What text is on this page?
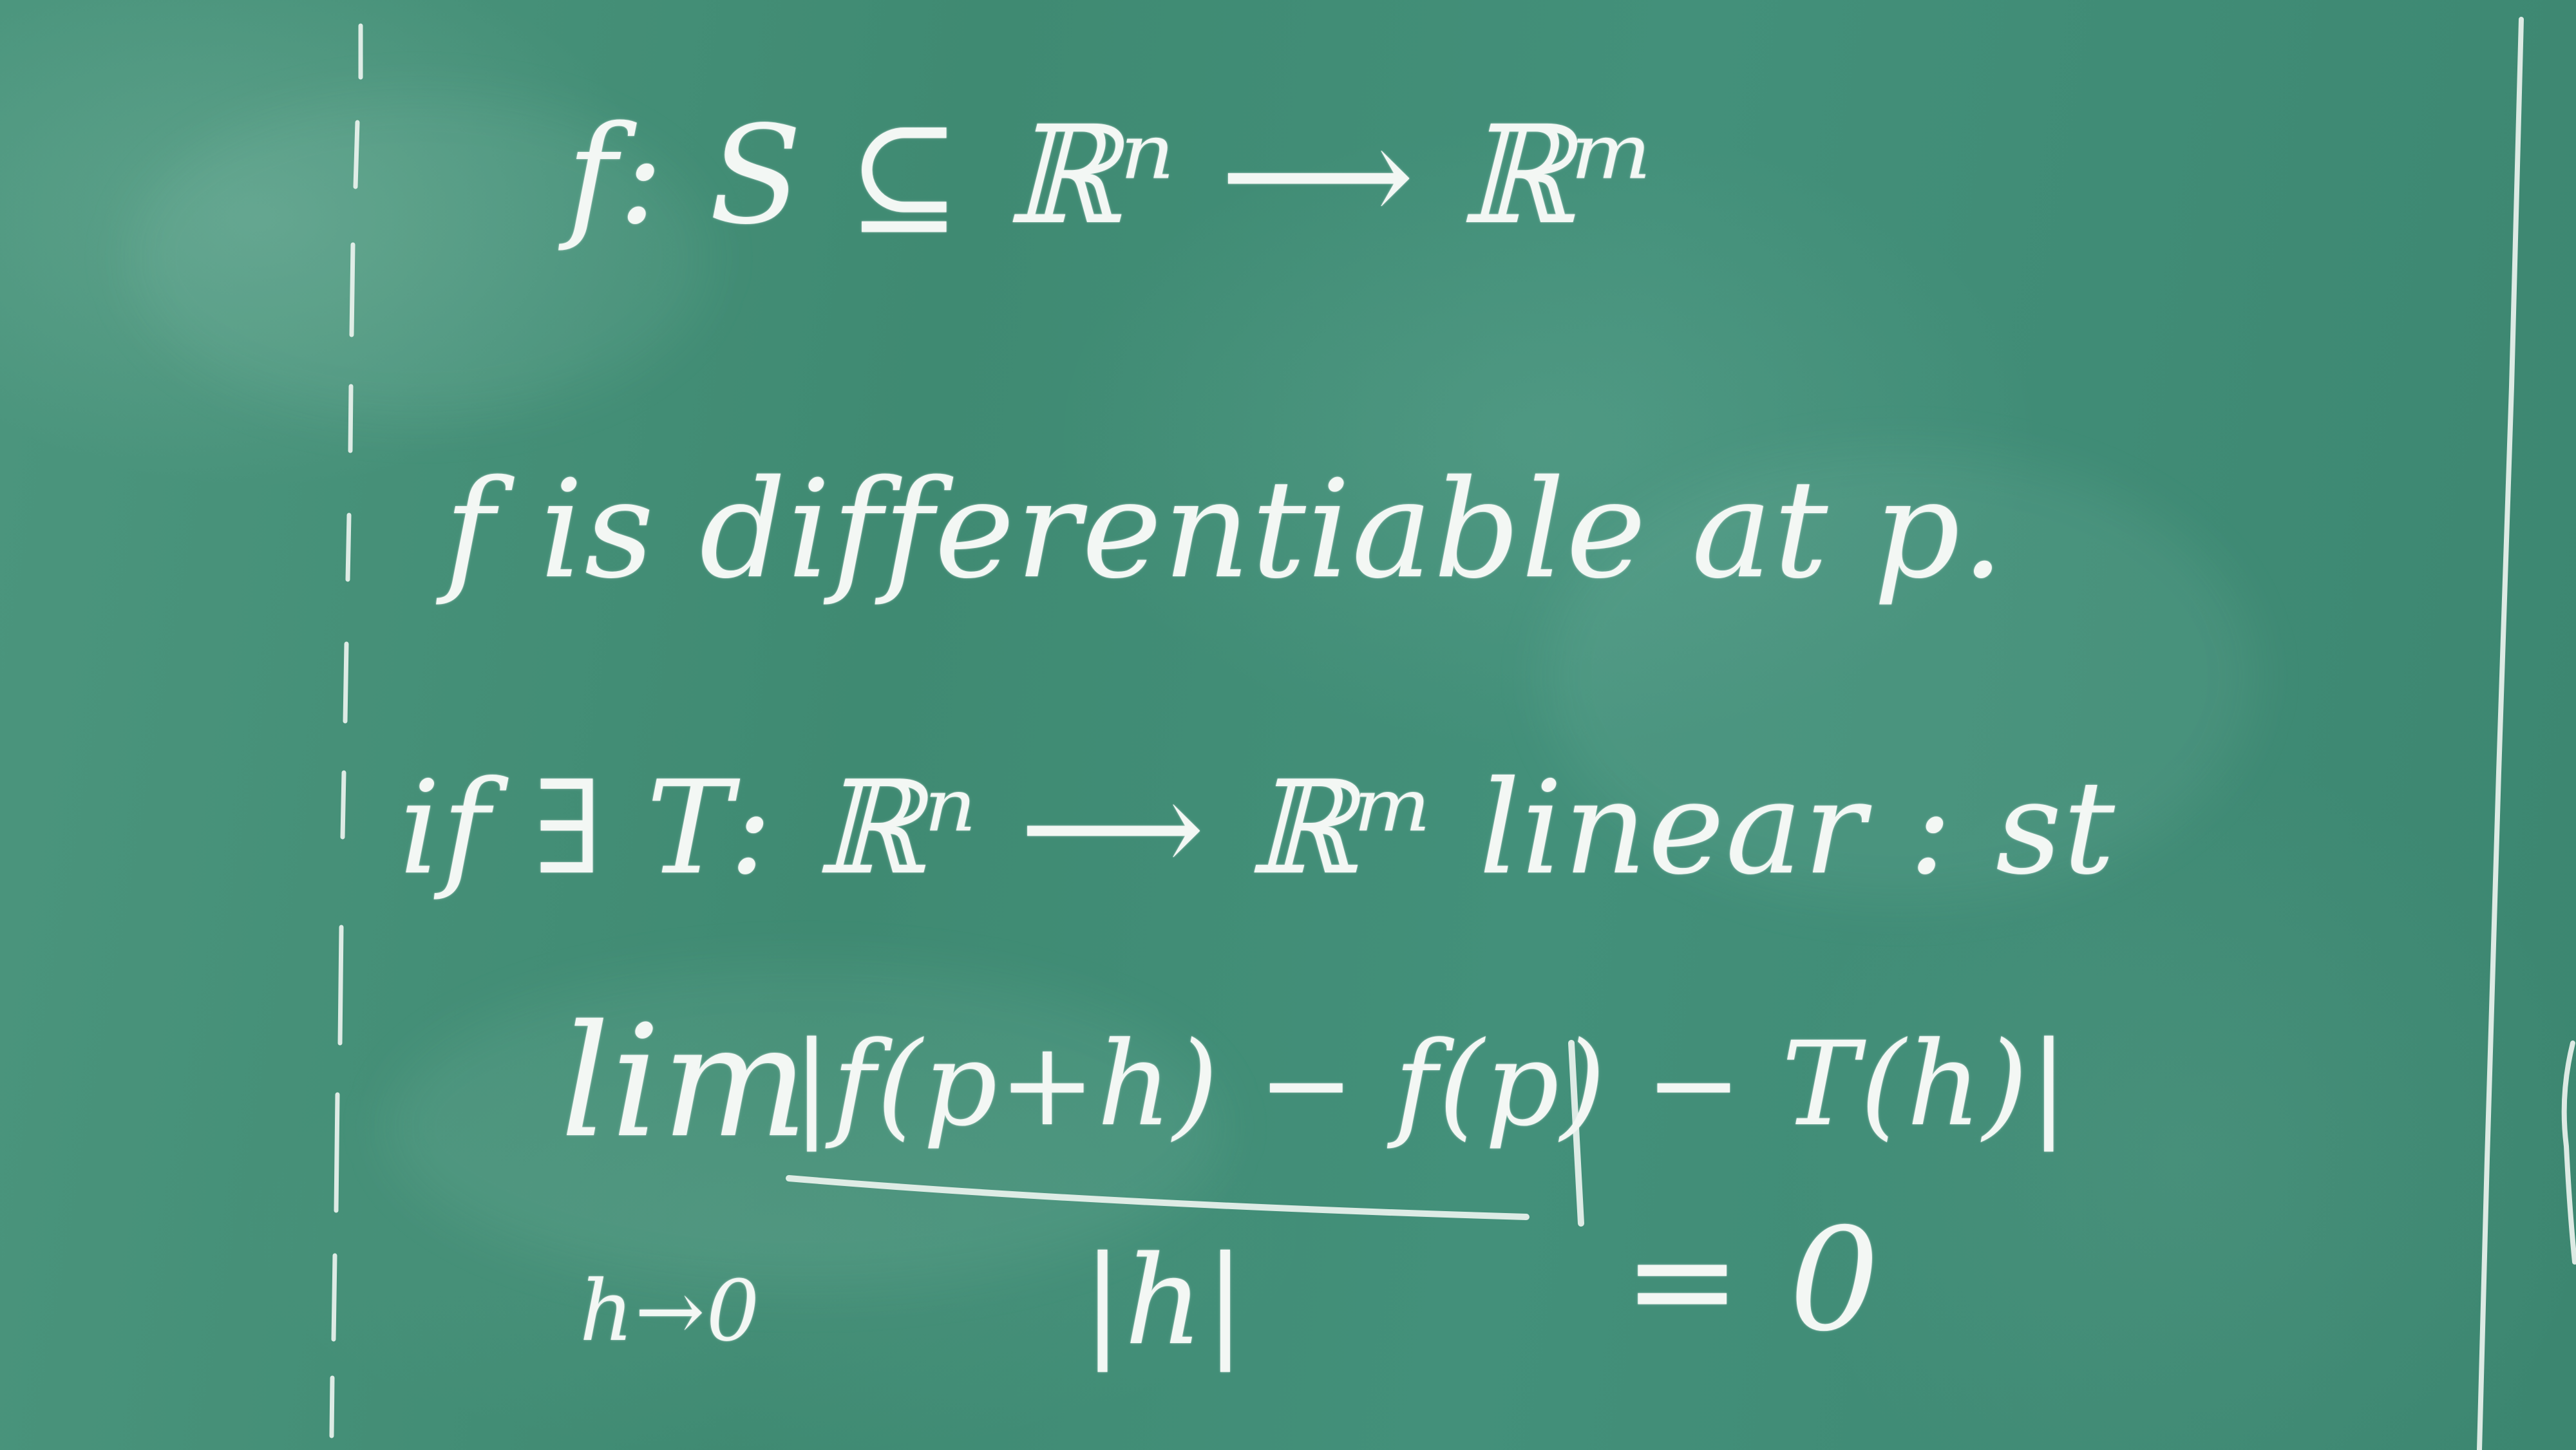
f: S ⊆ ℝⁿ ⟶ ℝᵐ
f is differentiable at p.
if ∃ T: ℝⁿ ⟶ ℝᵐ linear : st
lim
h→0
|f(p+h) − f(p) − T(h)|
|h|	= 0
